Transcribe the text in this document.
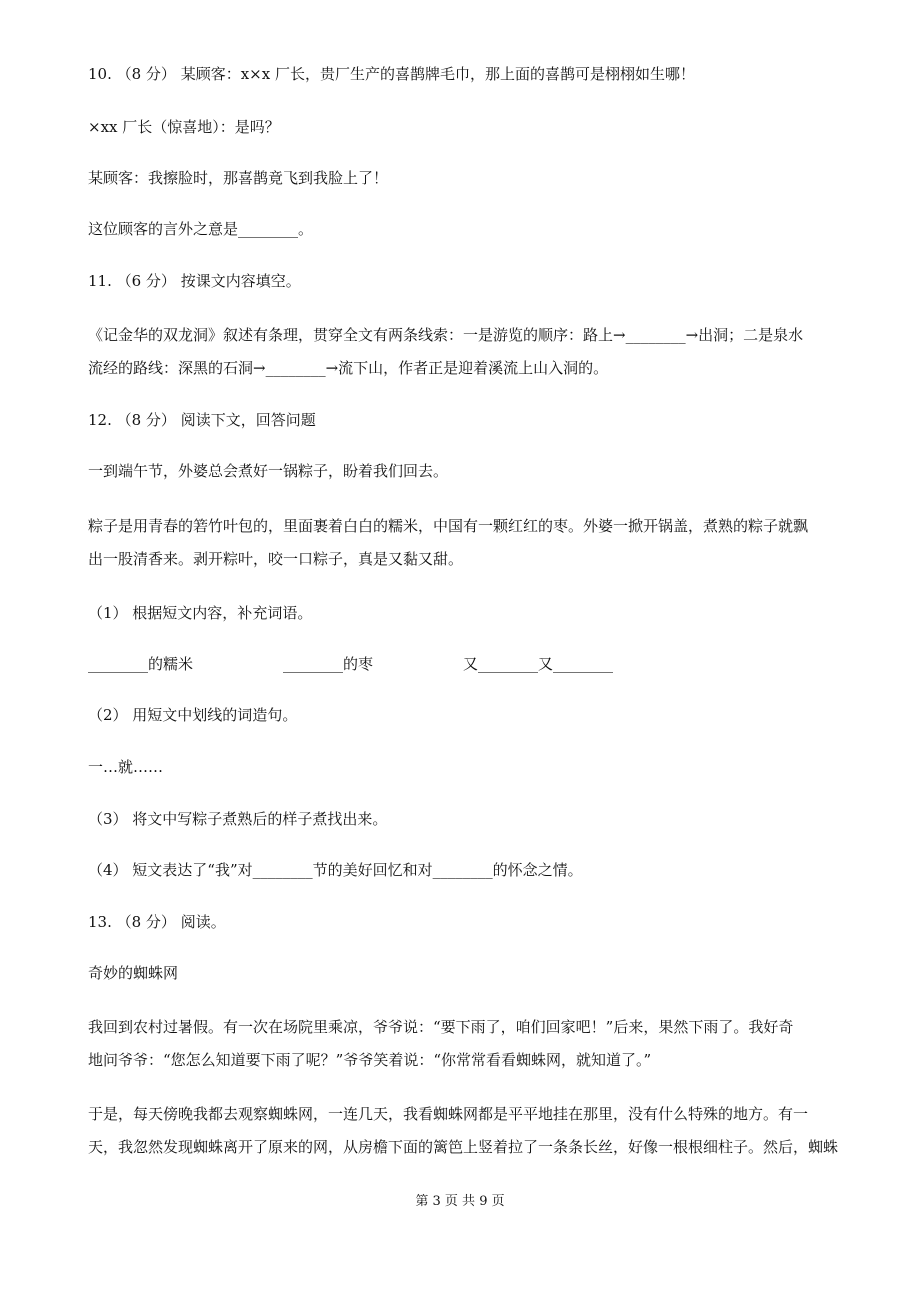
10. （8 分） 某顾客：x×x 厂长，贵厂生产的喜鹊牌毛巾，那上面的喜鹊可是栩栩如生哪！
×xx 厂长（惊喜地）：是吗？
某顾客：我擦脸时，那喜鹊竟飞到我脸上了！
这位顾客的言外之意是________。
11. （6 分） 按课文内容填空。
《记金华的双龙洞》叙述有条理，贯穿全文有两条线索：一是游览的顺序：路上→________→出洞；二是泉水
流经的路线：深黑的石洞→________→流下山，作者正是迎着溪流上山入洞的。
12. （8 分） 阅读下文，回答问题
一到端午节，外婆总会煮好一锅粽子，盼着我们回去。
粽子是用青春的箬竹叶包的，里面裹着白白的糯米，中国有一颗红红的枣。外婆一掀开锅盖，煮熟的粽子就飘
出一股清香来。剥开粽叶，咬一口粽子，真是又黏又甜。
（1） 根据短文内容，补充词语。
________的糯米	________的枣	又________又________
（2） 用短文中划线的词造句。
一…就……
（3） 将文中写粽子煮熟后的样子煮找出来。
（4） 短文表达了“我”对________节的美好回忆和对________的怀念之情。
13. （8 分） 阅读。
奇妙的蜘蛛网
我回到农村过暑假。有一次在场院里乘凉，爷爷说：“要下雨了，咱们回家吧！”后来，果然下雨了。我好奇
地问爷爷：“您怎么知道要下雨了呢？”爷爷笑着说：“你常常看看蜘蛛网，就知道了。”
于是，每天傍晚我都去观察蜘蛛网，一连几天，我看蜘蛛网都是平平地挂在那里，没有什么特殊的地方。有一
天，我忽然发现蜘蛛离开了原来的网，从房檐下面的篱笆上竖着拉了一条条长丝，好像一根根细柱子。然后，蜘蛛
第 3 页 共 9 页
